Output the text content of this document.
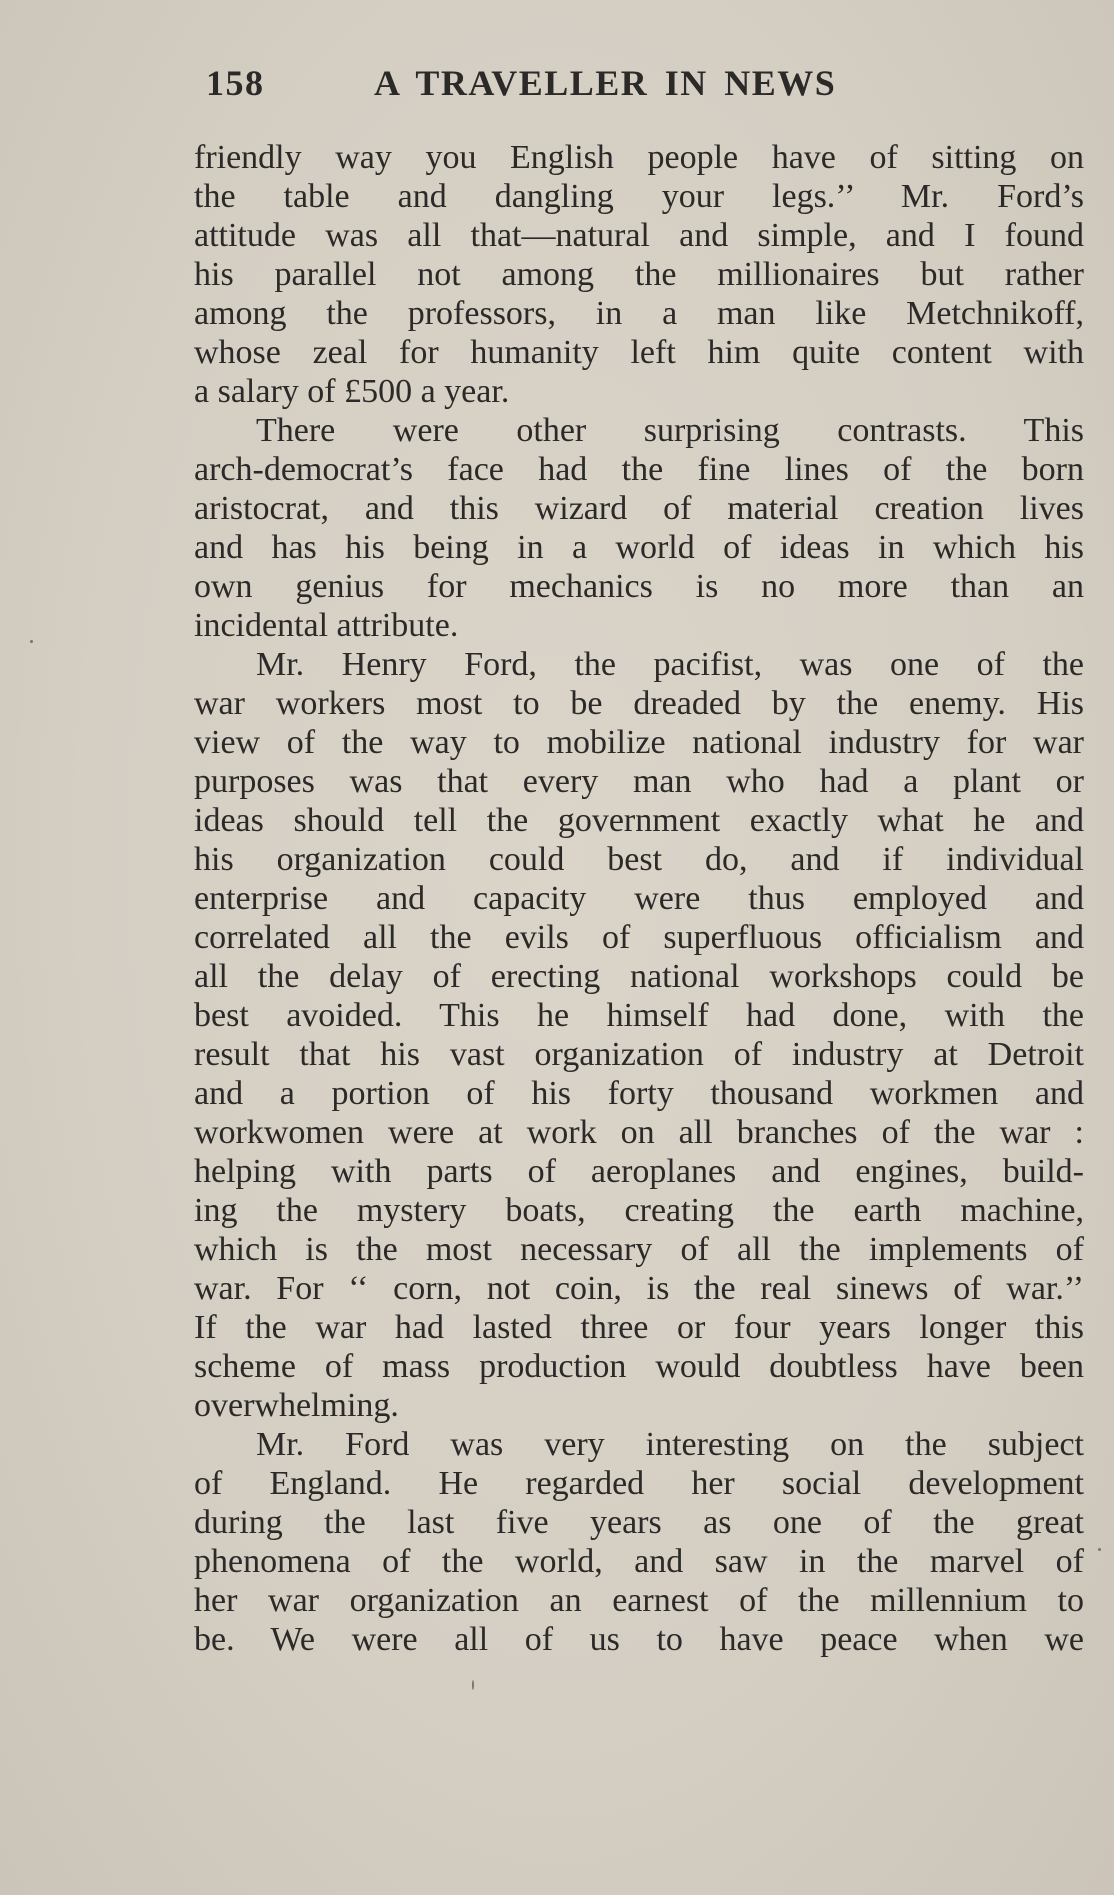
158	A TRAVELLER IN NEWS
friendly way you English people have of sitting on
the table and dangling your legs.’’ Mr. Ford’s
attitude was all that—natural and simple, and I found
his parallel not among the millionaires but rather
among the professors, in a man like Metchnikoff,
whose zeal for humanity left him quite content with
a salary of £500 a year.
There were other surprising contrasts. This
arch-democrat’s face had the fine lines of the born
aristocrat, and this wizard of material creation lives
and has his being in a world of ideas in which his
own genius for mechanics is no more than an
incidental attribute.
Mr. Henry Ford, the pacifist, was one of the
war workers most to be dreaded by the enemy. His
view of the way to mobilize national industry for war
purposes was that every man who had a plant or
ideas should tell the government exactly what he and
his organization could best do, and if individual
enterprise and capacity were thus employed and
correlated all the evils of superfluous officialism and
all the delay of erecting national workshops could be
best avoided. This he himself had done, with the
result that his vast organization of industry at Detroit
and a portion of his forty thousand workmen and
workwomen were at work on all branches of the war :
helping with parts of aeroplanes and engines, build-
ing the mystery boats, creating the earth machine,
which is the most necessary of all the implements of
war. For ‘‘ corn, not coin, is the real sinews of war.’’
If the war had lasted three or four years longer this
scheme of mass production would doubtless have been
overwhelming.
Mr. Ford was very interesting on the subject
of England. He regarded her social development
during the last five years as one of the great
phenomena of the world, and saw in the marvel of
her war organization an earnest of the millennium to
be. We were all of us to have peace when we
